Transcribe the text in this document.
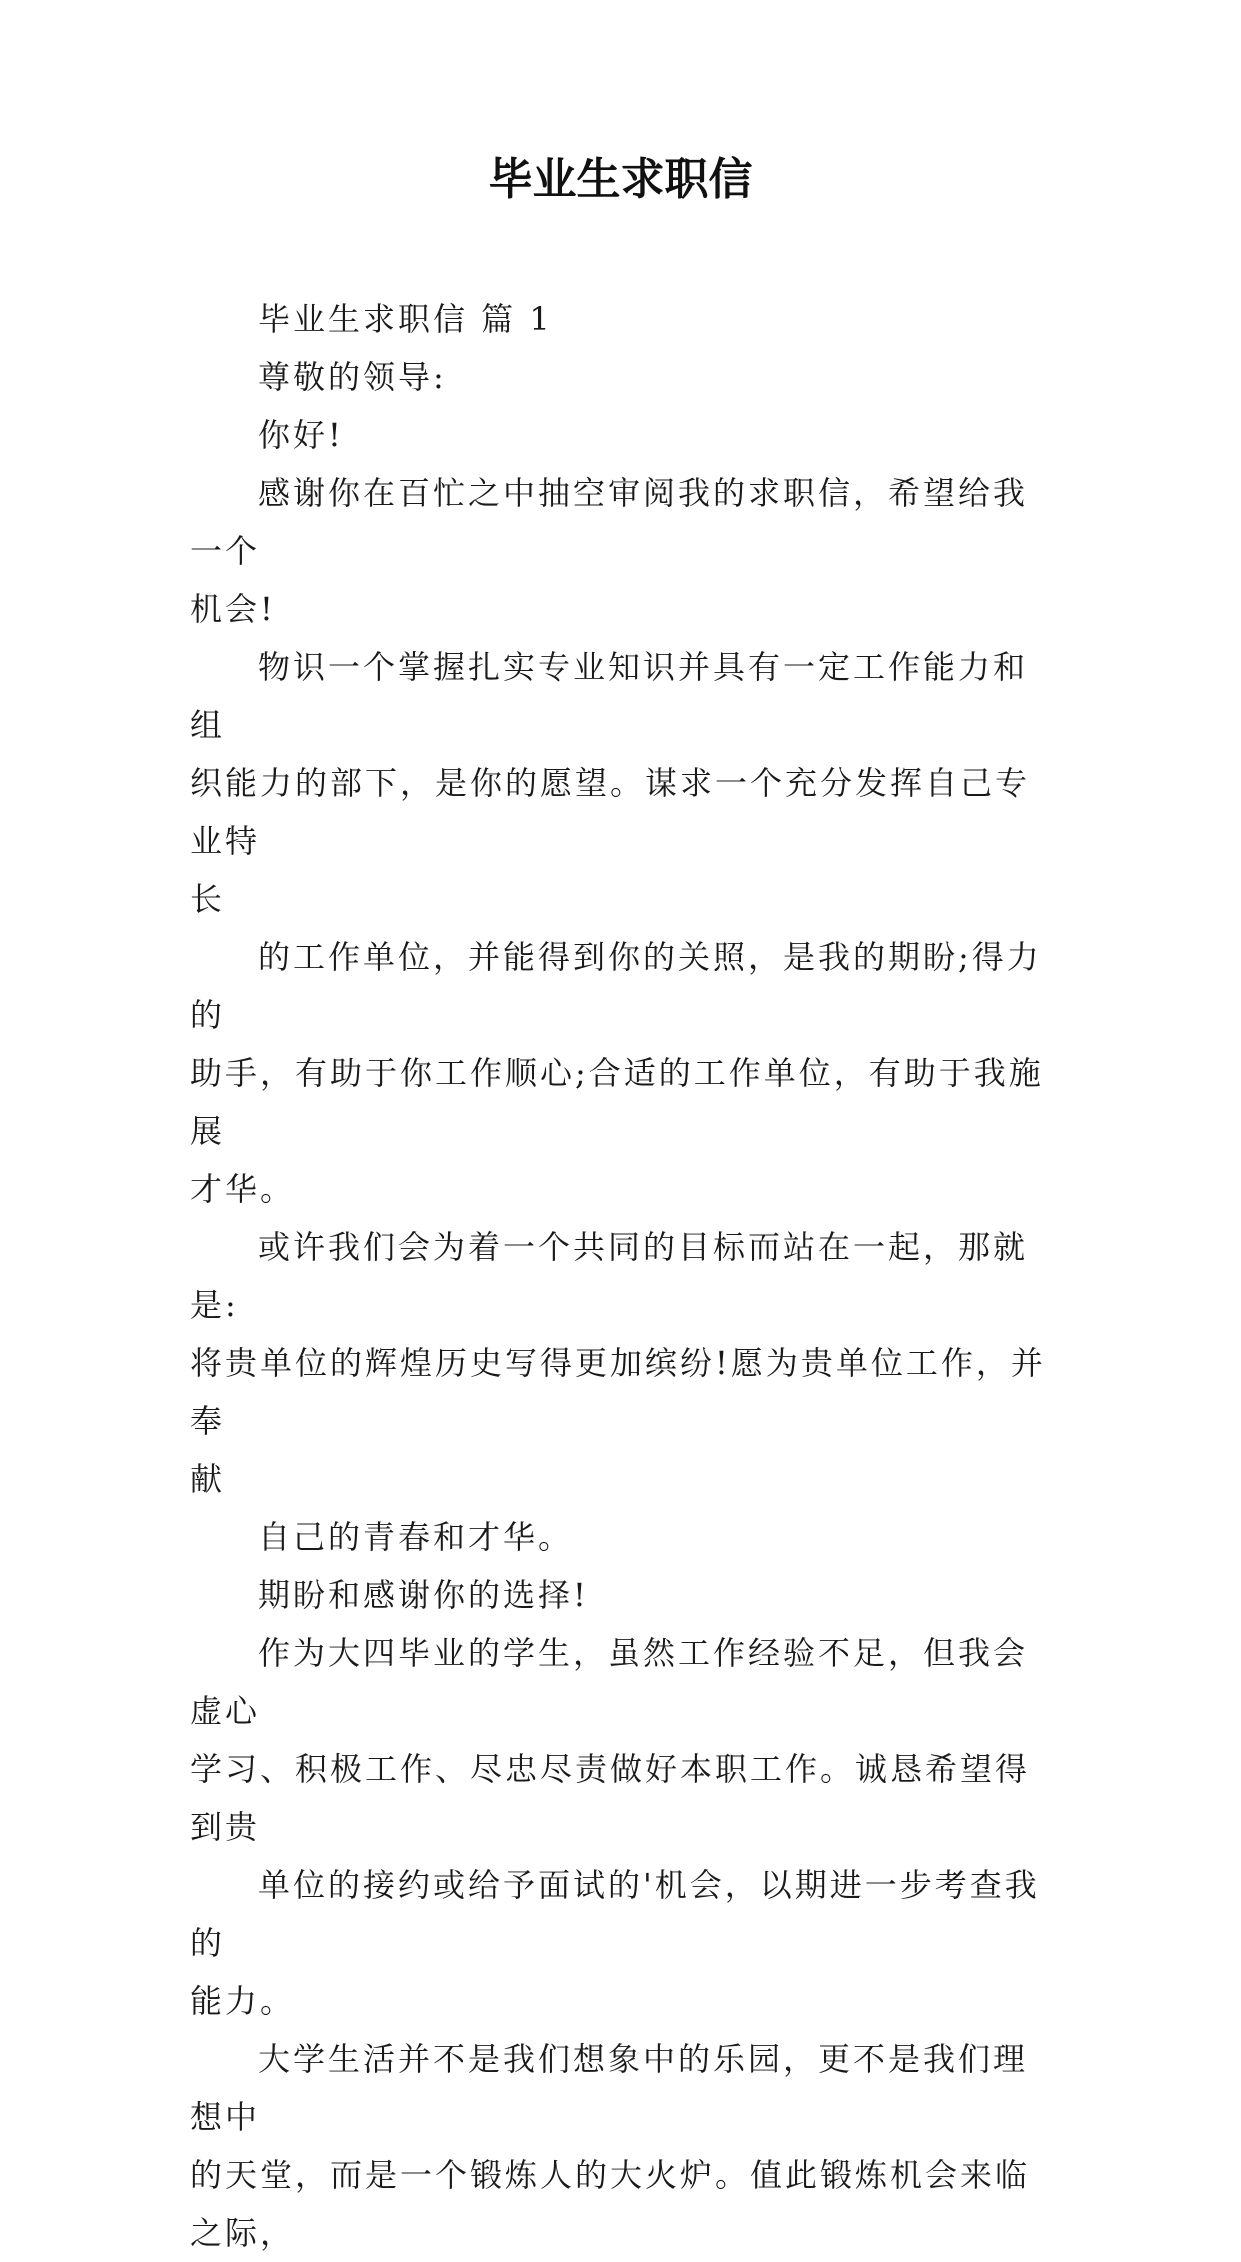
毕业生求职信

毕业生求职信 篇 1

尊敬的领导:

你好!

感谢你在百忙之中抽空审阅我的求职信，希望给我一个
机会!

物识一个掌握扎实专业知识并具有一定工作能力和组
织能力的部下，是你的愿望。谋求一个充分发挥自己专业特
长

的工作单位，并能得到你的关照，是我的期盼;得力的
助手，有助于你工作顺心;合适的工作单位，有助于我施展
才华。

或许我们会为着一个共同的目标而站在一起，那就是:
将贵单位的辉煌历史写得更加缤纷!愿为贵单位工作，并奉
献

自己的青春和才华。

期盼和感谢你的选择!

作为大四毕业的学生，虽然工作经验不足，但我会虚心
学习、积极工作、尽忠尽责做好本职工作。诚恳希望得到贵

单位的接约或给予面试的'机会，以期进一步考查我的
能力。

大学生活并不是我们想象中的乐园，更不是我们理想中
的天堂，而是一个锻炼人的大火炉。值此锻炼机会来临之际，
